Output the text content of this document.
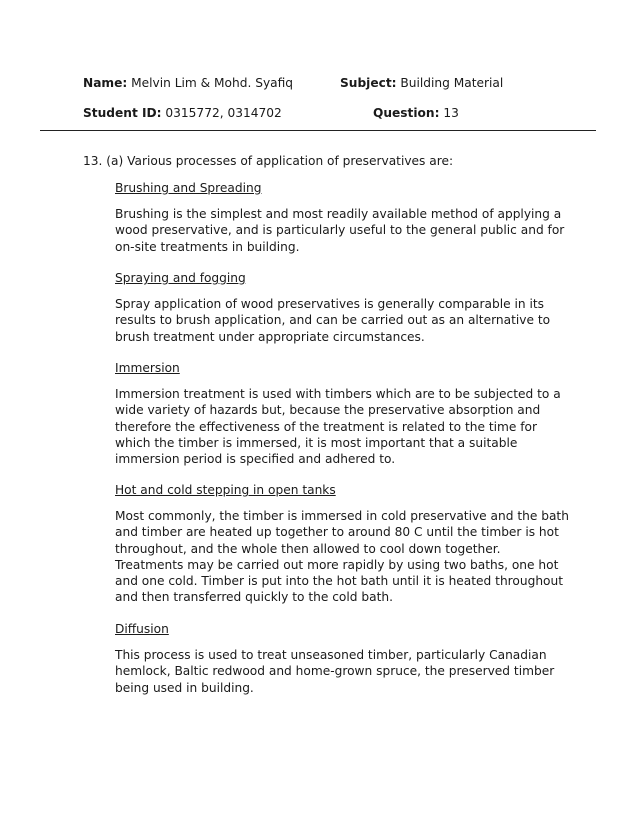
Name: Melvin Lim & Mohd. Syafiq	Subject: Building Material
Student ID: 0315772, 0314702	Question: 13
13. (a) Various processes of application of preservatives are:
Brushing and Spreading
Brushing is the simplest and most readily available method of applying a
wood preservative, and is particularly useful to the general public and for
on-site treatments in building.
Spraying and fogging
Spray application of wood preservatives is generally comparable in its
results to brush application, and can be carried out as an alternative to
brush treatment under appropriate circumstances.
Immersion
Immersion treatment is used with timbers which are to be subjected to a
wide variety of hazards but, because the preservative absorption and
therefore the effectiveness of the treatment is related to the time for
which the timber is immersed, it is most important that a suitable
immersion period is specified and adhered to.
Hot and cold stepping in open tanks
Most commonly, the timber is immersed in cold preservative and the bath
and timber are heated up together to around 80 C until the timber is hot
throughout, and the whole then allowed to cool down together.
Treatments may be carried out more rapidly by using two baths, one hot
and one cold. Timber is put into the hot bath until it is heated throughout
and then transferred quickly to the cold bath.
Diffusion
This process is used to treat unseasoned timber, particularly Canadian
hemlock, Baltic redwood and home-grown spruce, the preserved timber
being used in building.
